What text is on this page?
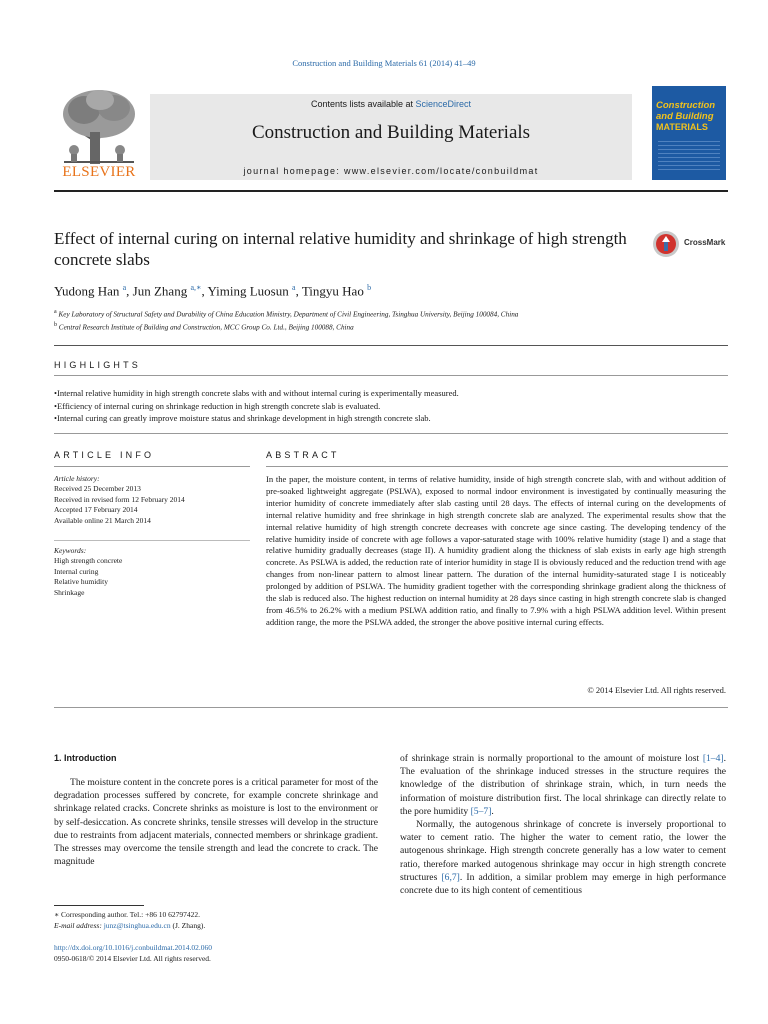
Construction and Building Materials 61 (2014) 41–49
ELSEVIER
Contents lists available at ScienceDirect
Construction and Building Materials
journal homepage: www.elsevier.com/locate/conbuildmat
Construction and Building
MATERIALS
Effect of internal curing on internal relative humidity and shrinkage of high strength concrete slabs
CrossMark
Yudong Han $^a$, Jun Zhang $^{a,∗}$, Yiming Luosun $^a$, Tingyu Hao $^b$
$^a$ Key Laboratory of Structural Safety and Durability of China Education Ministry, Department of Civil Engineering, Tsinghua University, Beijing 100084, China
$^b$ Central Research Institute of Building and Construction, MCC Group Co. Ltd., Beijing 100088, China
HIGHLIGHTS
• Internal relative humidity in high strength concrete slabs with and without internal curing is experimentally measured.
• Efficiency of internal curing on shrinkage reduction in high strength concrete slab is evaluated.
• Internal curing can greatly improve moisture status and shrinkage development in high strength concrete slab.
ARTICLE INFO	ABSTRACT
Article history:
Received 25 December 2013
Received in revised form 12 February 2014
Accepted 17 February 2014
Available online 21 March 2014
Keywords:
High strength concrete
Internal curing
Relative humidity
Shrinkage
In the paper, the moisture content, in terms of relative humidity, inside of high strength concrete slab, with and without addition of pre-soaked lightweight aggregate (PSLWA), exposed to normal indoor environment is investigated by continually measuring the interior humidity of concrete immediately after slab casting until 28 days. The effects of internal curing on the developments of internal relative humidity and free shrinkage in high strength concrete slab are analyzed. The experimental results show that the internal relative humidity of high strength concrete decreases with concrete age since casting. The developing tendency of the relative humidity inside of concrete with age follows a vapor-saturated stage with 100% relative humidity (stage I) and a stage that relative humidity gradually decreases (stage II). A humidity gradient along the thickness of slab exists in early age high strength concrete. As PSLWA is added, the reduction rate of interior humidity in stage II is obviously reduced and the reduction trend with age changes from non-linear pattern to almost linear pattern. The duration of the internal humidity-saturated stage I is noticeably prolonged by addition of PSLWA. The humidity gradient together with the corresponding shrinkage gradient along the thickness of the slab is reduced also. The highest reduction on internal humidity at 28 days since casting in high strength concrete slab is changed from 46.5% to 26.2% with a medium PSLWA addition ratio, and finally to 7.9% with a high PSLWA addition level. Within present addition range, the more the PSLWA added, the stronger the above positive internal curing effects.
© 2014 Elsevier Ltd. All rights reserved.
1. Introduction

The moisture content in the concrete pores is a critical parameter for most of the degradation processes suffered by concrete, for example concrete shrinkage and shrinkage related cracks. Concrete shrinks as moisture is lost to the environment or by self-desiccation. As concrete shrinks, tensile stresses will develop in the structure due to restraints from adjacent materials, connected members or shrinkage gradient. The stresses may overcome the tensile strength and lead the concrete to crack. The magnitude

of shrinkage strain is normally proportional to the amount of moisture lost [1–4]. The evaluation of the shrinkage induced stresses in the structure requires the knowledge of the distribution of shrinkage strain, which, in turn needs the information of moisture distribution first. The local shrinkage can directly relate to the pore humidity [5–7].

Normally, the autogenous shrinkage of concrete is inversely proportional to water to cement ratio. The higher the water to cement ratio, the lower the autogenous shrinkage. High strength concrete generally has a low water to cement ratio, therefore marked autogenous shrinkage may occur in high strength concrete structures [6,7]. In addition, a similar problem may emerge in high performance concrete due to its high content of cementitious

∗ Corresponding author. Tel.: +86 10 62797422.
E-mail address: junz@tsinghua.edu.cn (J. Zhang).
http://dx.doi.org/10.1016/j.conbuildmat.2014.02.060
0950-0618/© 2014 Elsevier Ltd. All rights reserved.
